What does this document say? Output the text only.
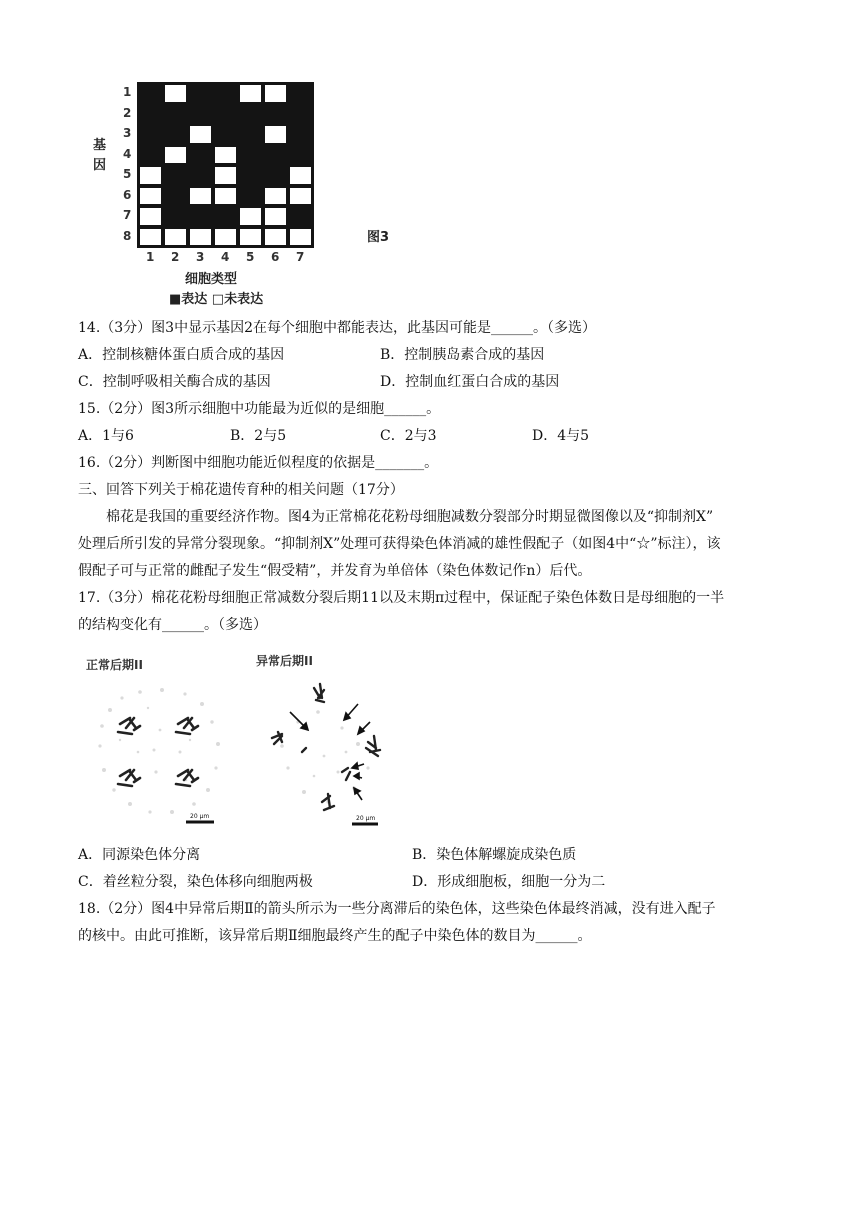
基
因
细胞类型
■表达 □未表达
图3
1
2
3
4
5
6
7
8
1 2 3 4 5 6 7
14.（3分）图3中显示基因2在每个细胞中都能表达，此基因可能是______。（多选）
A．控制核糖体蛋白质合成的基因	B．控制胰岛素合成的基因
C．控制呼吸相关酶合成的基因	D．控制血红蛋白合成的基因
15.（2分）图3所示细胞中功能最为近似的是细胞______。
A．1与6	B．2与5	C．2与3	D．4与5
16.（2分）判断图中细胞功能近似程度的依据是_______。
三、回答下列关于棉花遗传育种的相关问题（17分）
棉花是我国的重要经济作物。图4为正常棉花花粉母细胞减数分裂部分时期显微图像以及“抑制剂X”
处理后所引发的异常分裂现象。“抑制剂X”处理可获得染色体消减的雄性假配子（如图4中“☆”标注），该
假配子可与正常的雌配子发生“假受精”，并发育为单倍体（染色体数记作n）后代。
17.（3分）棉花花粉母细胞正常减数分裂后期11以及末期π过程中，保证配子染色体数日是母细胞的一半
的结构变化有______。（多选）
正常后期II	异常后期II
20 μm	20 μm
A．同源染色体分离	B．染色体解螺旋成染色质
C．着丝粒分裂，染色体移向细胞两极	D．形成细胞板，细胞一分为二
18.（2分）图4中异常后期Ⅱ的箭头所示为一些分离滞后的染色体，这些染色体最终消减，没有进入配子
的核中。由此可推断，该异常后期Ⅱ细胞最终产生的配子中染色体的数目为______。
